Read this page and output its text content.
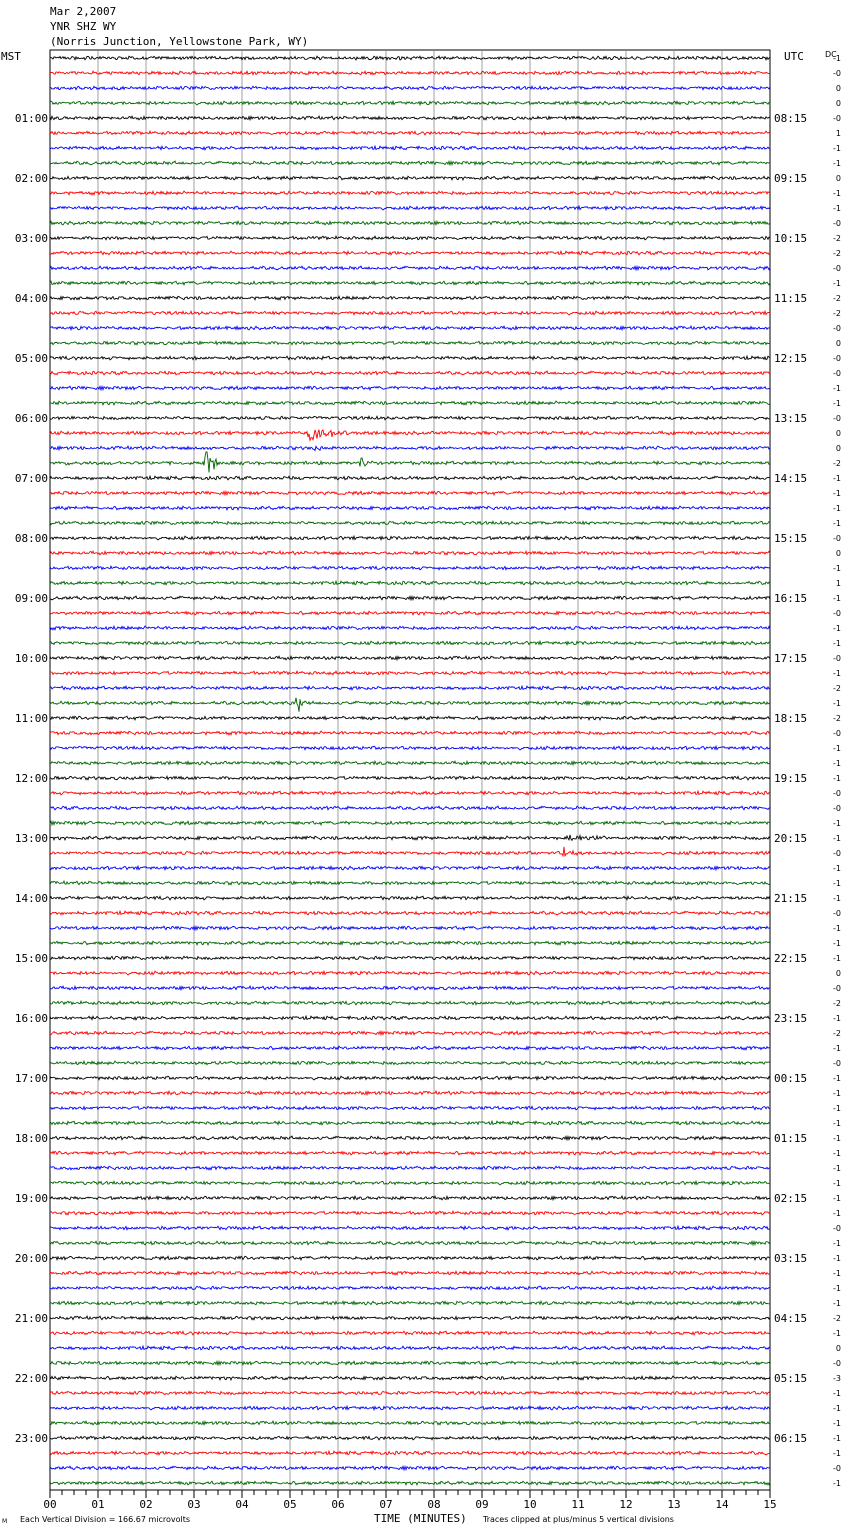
Mar 2,2007
YNR SHZ WY
(Norris Junction, Yellowstone Park, WY)
MST	UTC	-1
-0
0
0
-0
1
-1
-1
0
-1
-1
-0
-2
-2
-0
-1
-2
-2
-0
0
-0
-0
-1
-1
-0
0
0
-2
-1
-1
-1
-1
-0
0
-1
1
-1
-0
-1
-1
-0
-1
-2
-1
-2
-0
-1
-1
-1
-0
-0
-1
-1
-0
-1
-1
-1
-0
-1
-1
-1
0
-0
-2
-1
-2
-1
-0
-1
-1
-1
-1
-1
-1
-1
-1
-1
-1
-0
-1
-1
-1
-1
-1
-2
-1
0
-0
-3
-1
-1
-1
-1
-1
-0
-1
DC
01:00	08:15
02:00	09:15
03:00	10:15
04:00	11:15
05:00	12:15
06:00	13:15
07:00	14:15
08:00	15:15
09:00	16:15
10:00	17:15
11:00	18:15
12:00	19:15
13:00	20:15
14:00	21:15
15:00	22:15
16:00	23:15
17:00	00:15
18:00	01:15
19:00	02:15
20:00	03:15
21:00	04:15
22:00	05:15
23:00	06:15
00	01	02	03	04	05	06	07	08	09	10	11	12	13	14	15
TIME (MINUTES)
Each Vertical Division = 166.67 microvolts	Traces clipped at plus/minus 5 vertical divisions
M
